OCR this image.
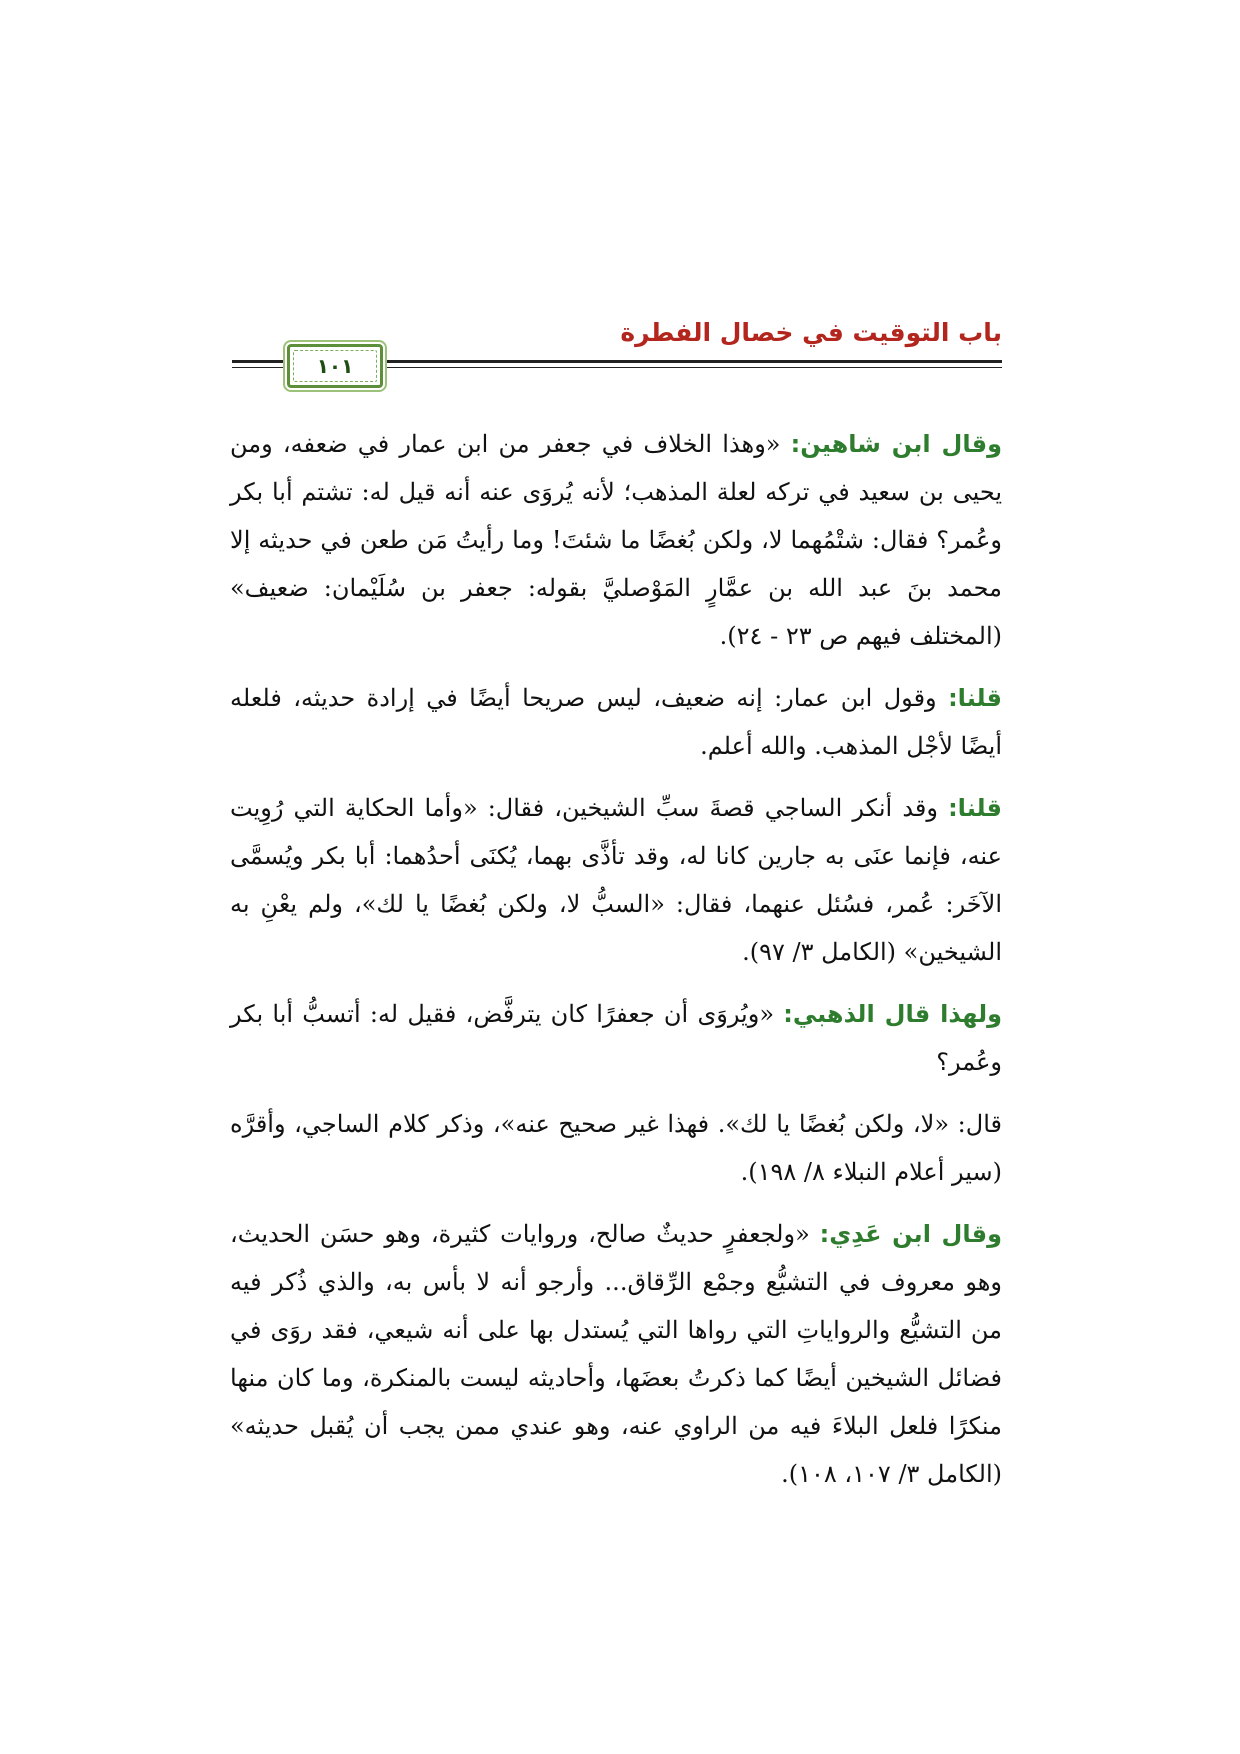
باب التوقيت في خصال الفطرة
١٠١

وقال ابن شاهين: «وهذا الخلاف في جعفر من ابن عمار في ضعفه، ومن يحيى بن سعيد في تركه لعلة المذهب؛ لأنه يُروَى عنه أنه قيل له: تشتم أبا بكر وعُمر؟ فقال: شتْمُهما لا، ولكن بُغضًا ما شئتَ! وما رأيتُ مَن طعن في حديثه إلا محمد بنَ عبد الله بن عمَّارٍ المَوْصليَّ بقوله: جعفر بن سُلَيْمان: ضعيف» (المختلف فيهم ص ٢٣ - ٢٤).

قلنا: وقول ابن عمار: إنه ضعيف، ليس صريحا أيضًا في إرادة حديثه، فلعله أيضًا لأجْل المذهب. والله أعلم.

قلنا: وقد أنكر الساجي قصةَ سبِّ الشيخين، فقال: «وأما الحكاية التي رُوِيت عنه، فإنما عنَى به جارين كانا له، وقد تأذَّى بهما، يُكنَى أحدُهما: أبا بكر ويُسمَّى الآخَر: عُمر، فسُئل عنهما، فقال: «السبُّ لا، ولكن بُغضًا يا لك»، ولم يعْنِ به الشيخين» (الكامل ٣/ ٩٧).

ولهذا قال الذهبي: «ويُروَى أن جعفرًا كان يترفَّض، فقيل له: أتسبُّ أبا بكر وعُمر؟

قال: «لا، ولكن بُغضًا يا لك». فهذا غير صحيح عنه»، وذكر كلام الساجي، وأقرَّه (سير أعلام النبلاء ٨/ ١٩٨).

وقال ابن عَدِي: «ولجعفرٍ حديثٌ صالح، وروايات كثيرة، وهو حسَن الحديث، وهو معروف في التشيُّع وجمْع الرِّقاق... وأرجو أنه لا بأس به، والذي ذُكر فيه من التشيُّع والرواياتِ التي رواها التي يُستدل بها على أنه شيعي، فقد روَى في فضائل الشيخين أيضًا كما ذكرتُ بعضَها، وأحاديثه ليست بالمنكرة، وما كان منها منكرًا فلعل البلاءَ فيه من الراوي عنه، وهو عندي ممن يجب أن يُقبل حديثه» (الكامل ٣/ ١٠٧، ١٠٨).
